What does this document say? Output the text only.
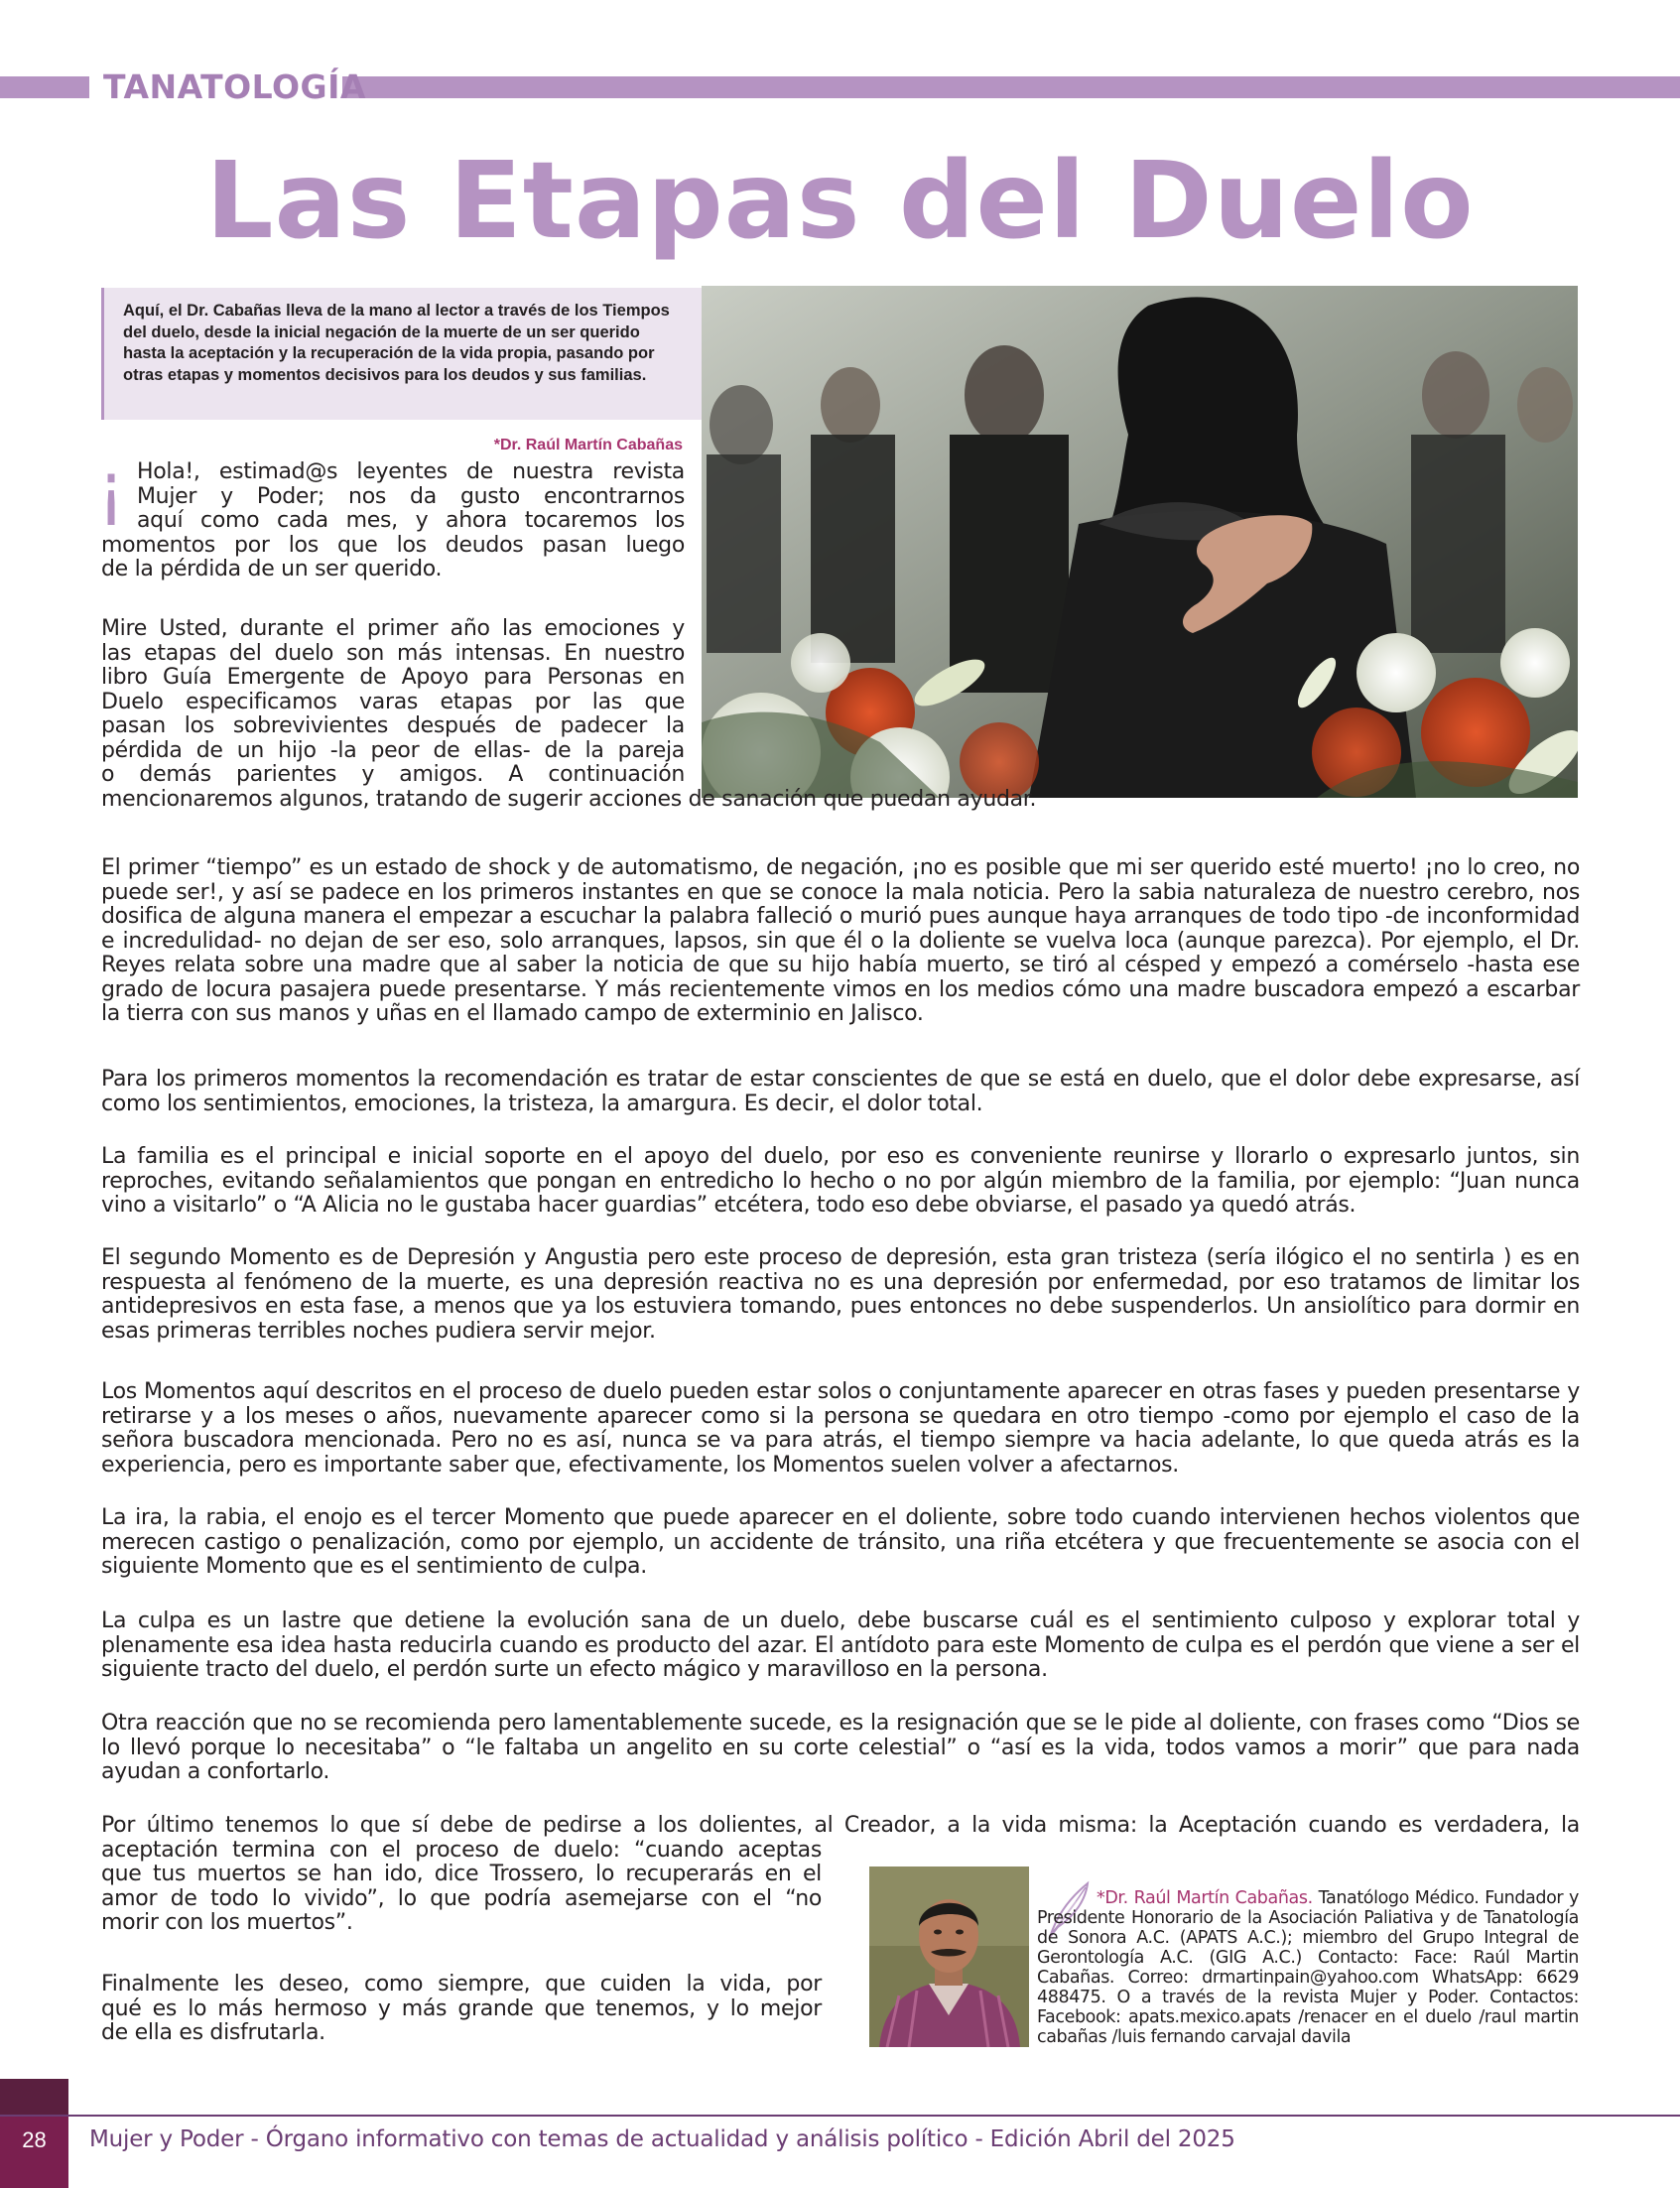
TANATOLOGÍA
Las Etapas del Duelo

Aquí, el Dr. Cabañas lleva de la mano al lector a través de los Tiempos del duelo, desde la inicial negación de la muerte de un ser querido hasta la aceptación y la recuperación de la vida propia, pasando por otras etapas y momentos decisivos para los deudos y sus familias.

*Dr. Raúl Martín Cabañas
¡ Hola!, estimad@s leyentes de nuestra revista
Mujer y Poder; nos da gusto encontrarnos
aquí como cada mes, y ahora tocaremos los
momentos por los que los deudos pasan luego
de la pérdida de un ser querido.
Mire Usted, durante el primer año las emociones y
las etapas del duelo son más intensas. En nuestro
libro Guía Emergente de Apoyo para Personas en
Duelo especificamos varas etapas por las que
pasan los sobrevivientes después de padecer la
pérdida de un hijo -la peor de ellas- de la pareja
o demás parientes y amigos. A continuación
mencionaremos algunos, tratando de sugerir acciones de sanación que puedan ayudar.

El primer “tiempo” es un estado de shock y de automatismo, de negación, ¡no es posible que mi ser querido esté muerto! ¡no lo creo, no puede ser!, y así se padece en los primeros instantes en que se conoce la mala noticia. Pero la sabia naturaleza de nuestro cerebro, nos dosifica de alguna manera el empezar a escuchar la palabra falleció o murió pues aunque haya arranques de todo tipo -de inconformidad e incredulidad- no dejan de ser eso, solo arranques, lapsos, sin que él o la doliente se vuelva loca (aunque parezca). Por ejemplo, el Dr. Reyes relata sobre una madre que al saber la noticia de que su hijo había muerto, se tiró al césped y empezó a comérselo -hasta ese grado de locura pasajera puede presentarse. Y más recientemente vimos en los medios cómo una madre buscadora empezó a escarbar la tierra con sus manos y uñas en el llamado campo de exterminio en Jalisco.

Para los primeros momentos la recomendación es tratar de estar conscientes de que se está en duelo, que el dolor debe expresarse, así como los sentimientos, emociones, la tristeza, la amargura. Es decir, el dolor total.

La familia es el principal e inicial soporte en el apoyo del duelo, por eso es conveniente reunirse y llorarlo o expresarlo juntos, sin reproches, evitando señalamientos que pongan en entredicho lo hecho o no por algún miembro de la familia, por ejemplo: “Juan nunca vino a visitarlo” o “A Alicia no le gustaba hacer guardias” etcétera, todo eso debe obviarse, el pasado ya quedó atrás.

El segundo Momento es de Depresión y Angustia pero este proceso de depresión, esta gran tristeza (sería ilógico el no sentirla ) es en respuesta al fenómeno de la muerte, es una depresión reactiva no es una depresión por enfermedad, por eso tratamos de limitar los antidepresivos en esta fase, a menos que ya los estuviera tomando, pues entonces no debe suspenderlos. Un ansiolítico para dormir en esas primeras terribles noches pudiera servir mejor.

Los Momentos aquí descritos en el proceso de duelo pueden estar solos o conjuntamente aparecer en otras fases y pueden presentarse y retirarse y a los meses o años, nuevamente aparecer como si la persona se quedara en otro tiempo -como por ejemplo el caso de la señora buscadora mencionada. Pero no es así, nunca se va para atrás, el tiempo siempre va hacia adelante, lo que queda atrás es la experiencia, pero es importante saber que, efectivamente, los Momentos suelen volver a afectarnos.

La ira, la rabia, el enojo es el tercer Momento que puede aparecer en el doliente, sobre todo cuando intervienen hechos violentos que merecen castigo o penalización, como por ejemplo, un accidente de tránsito, una riña etcétera y que frecuentemente se asocia con el siguiente Momento que es el sentimiento de culpa.

La culpa es un lastre que detiene la evolución sana de un duelo, debe buscarse cuál es el sentimiento culposo y explorar total y plenamente esa idea hasta reducirla cuando es producto del azar. El antídoto para este Momento de culpa es el perdón que viene a ser el siguiente tracto del duelo, el perdón surte un efecto mágico y maravilloso en la persona.

Otra reacción que no se recomienda pero lamentablemente sucede, es la resignación que se le pide al doliente, con frases como “Dios se lo llevó porque lo necesitaba” o “le faltaba un angelito en su corte celestial” o “así es la vida, todos vamos a morir” que para nada ayudan a confortarlo.

Por último tenemos lo que sí debe de pedirse a los dolientes, al Creador, a la vida misma: la Aceptación cuando es verdadera, la
aceptación termina con el proceso de duelo: “cuando aceptas
que tus muertos se han ido, dice Trossero, lo recuperarás en el
amor de todo lo vivido”, lo que podría asemejarse con el “no
morir con los muertos”.
Finalmente les deseo, como siempre, que cuiden la vida, por
qué es lo más hermoso y más grande que tenemos, y lo mejor
de ella es disfrutarla.

*Dr. Raúl Martín Cabañas. Tanatólogo Médico. Fundador y Presidente Honorario de la Asociación Paliativa y de Tanatología de Sonora A.C. (APATS A.C.); miembro del Grupo Integral de Gerontología A.C. (GIG A.C.) Contacto: Face: Raúl Martin Cabañas. Correo: drmartinpain@yahoo.com WhatsApp: 6629 488475. O a través de la revista Mujer y Poder. Contactos: Facebook: apats.mexico.apats /renacer en el duelo /raul martin cabañas /luis fernando carvajal davila

28	Mujer y Poder - Órgano informativo con temas de actualidad y análisis político - Edición Abril del 2025
